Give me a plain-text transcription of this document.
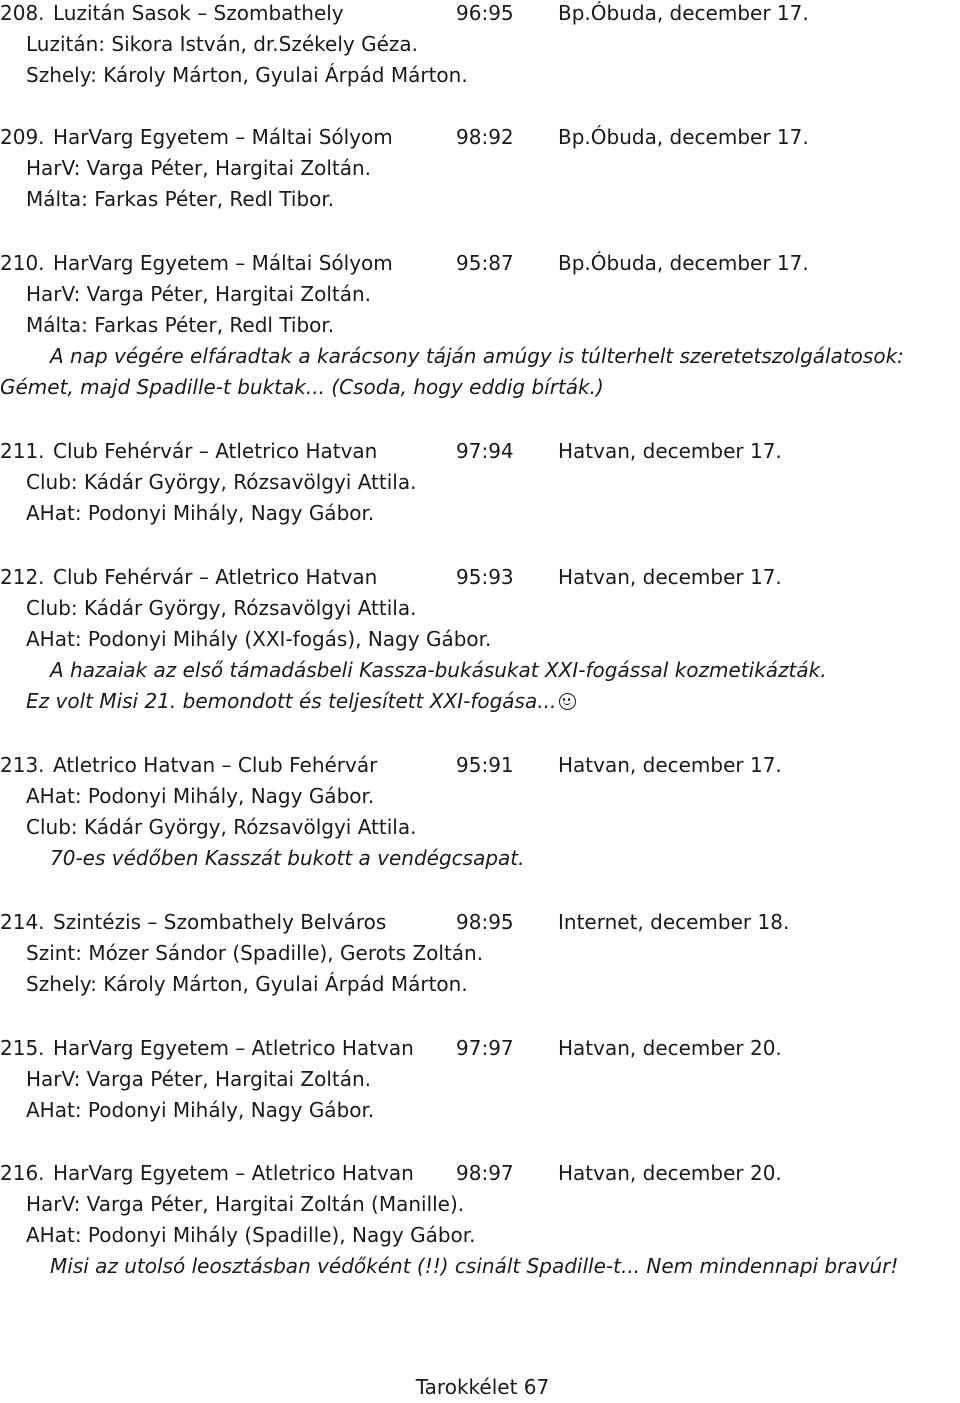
208. Luzitán Sasok – Szombathely	96:95 Bp.Óbuda, december 17.
Luzitán: Sikora István, dr.Székely Géza.
Szhely: Károly Márton, Gyulai Árpád Márton.
209. HarVarg Egyetem – Máltai Sólyom	98:92 Bp.Óbuda, december 17.
HarV: Varga Péter, Hargitai Zoltán.
Málta: Farkas Péter, Redl Tibor.
210. HarVarg Egyetem – Máltai Sólyom	95:87 Bp.Óbuda, december 17.
HarV: Varga Péter, Hargitai Zoltán.
Málta: Farkas Péter, Redl Tibor.
A nap végére elfáradtak a karácsony táján amúgy is túlterhelt szeretetszolgálatosok:
Gémet, majd Spadille-t buktak... (Csoda, hogy eddig bírták.)
211. Club Fehérvár – Atletrico Hatvan	97:94 Hatvan, december 17.
Club: Kádár György, Rózsavölgyi Attila.
AHat: Podonyi Mihály, Nagy Gábor.
212. Club Fehérvár – Atletrico Hatvan	95:93 Hatvan, december 17.
Club: Kádár György, Rózsavölgyi Attila.
AHat: Podonyi Mihály (XXI-fogás), Nagy Gábor.
A hazaiak az első támadásbeli Kassza-bukásukat XXI-fogással kozmetikázták.
Ez volt Misi 21. bemondott és teljesített XXI-fogása...
213. Atletrico Hatvan – Club Fehérvár	95:91 Hatvan, december 17.
AHat: Podonyi Mihály, Nagy Gábor.
Club: Kádár György, Rózsavölgyi Attila.
70-es védőben Kasszát bukott a vendégcsapat.
214. Szintézis – Szombathely Belváros	98:95 Internet, december 18.
Szint: Mózer Sándor (Spadille), Gerots Zoltán.
Szhely: Károly Márton, Gyulai Árpád Márton.
215. HarVarg Egyetem – Atletrico Hatvan 97:97 Hatvan, december 20.
HarV: Varga Péter, Hargitai Zoltán.
AHat: Podonyi Mihály, Nagy Gábor.
216. HarVarg Egyetem – Atletrico Hatvan 98:97 Hatvan, december 20.
HarV: Varga Péter, Hargitai Zoltán (Manille).
AHat: Podonyi Mihály (Spadille), Nagy Gábor.
Misi az utolsó leosztásban védőként (!!) csinált Spadille-t... Nem mindennapi bravúr!
Tarokkélet 67
